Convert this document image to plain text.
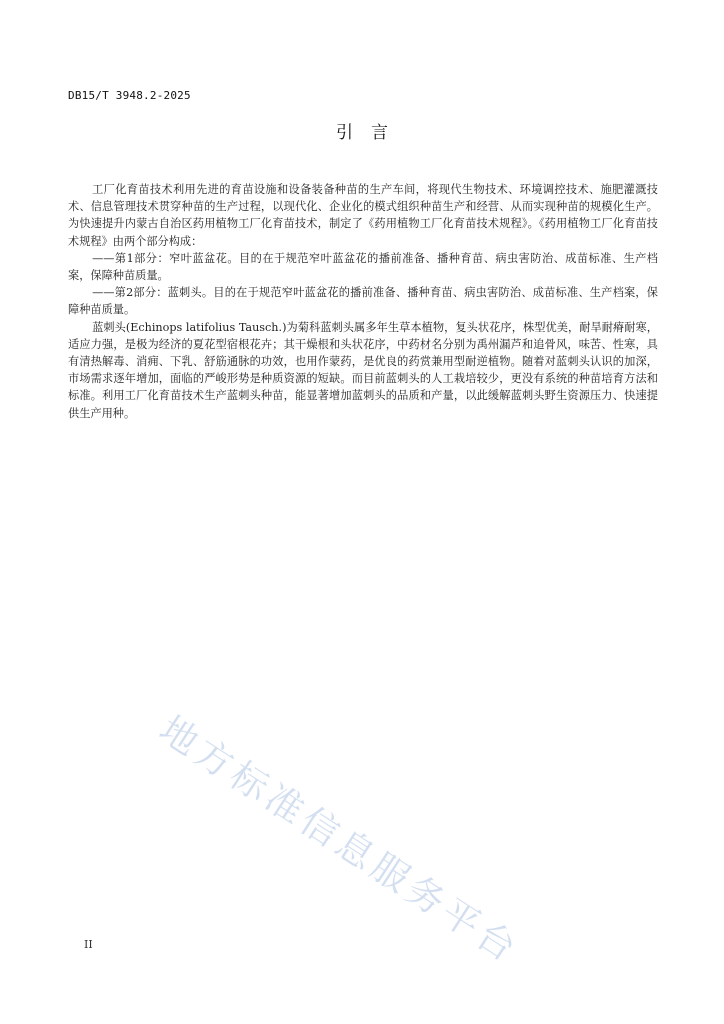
DB15/T 3948.2-2025
引言

工厂化育苗技术利用先进的育苗设施和设备装备种苗的生产车间，将现代生物技术、环境调控技术、施肥灌溉技术、信息管理技术贯穿种苗的生产过程，以现代化、企业化的模式组织种苗生产和经营、从而实现种苗的规模化生产。为快速提升内蒙古自治区药用植物工厂化育苗技术，制定了《药用植物工厂化育苗技术规程》。《药用植物工厂化育苗技术规程》由两个部分构成：

——第1部分：窄叶蓝盆花。目的在于规范窄叶蓝盆花的播前准备、播种育苗、病虫害防治、成苗标准、生产档案，保障种苗质量。

——第2部分：蓝刺头。目的在于规范窄叶蓝盆花的播前准备、播种育苗、病虫害防治、成苗标准、生产档案，保障种苗质量。

蓝刺头(Echinops latifolius Tausch.)为菊科蓝刺头属多年生草本植物，复头状花序，株型优美，耐旱耐瘠耐寒，适应力强，是极为经济的夏花型宿根花卉；其干燥根和头状花序，中药材名分别为禹州漏芦和追骨风，味苦、性寒，具有清热解毒、消痈、下乳、舒筋通脉的功效，也用作蒙药，是优良的药赏兼用型耐逆植物。随着对蓝刺头认识的加深，市场需求逐年增加，面临的严峻形势是种质资源的短缺。而目前蓝刺头的人工栽培较少，更没有系统的种苗培育方法和标准。利用工厂化育苗技术生产蓝刺头种苗，能显著增加蓝刺头的品质和产量，以此缓解蓝刺头野生资源压力、快速提供生产用种。

地方标准信息服务平台
II
